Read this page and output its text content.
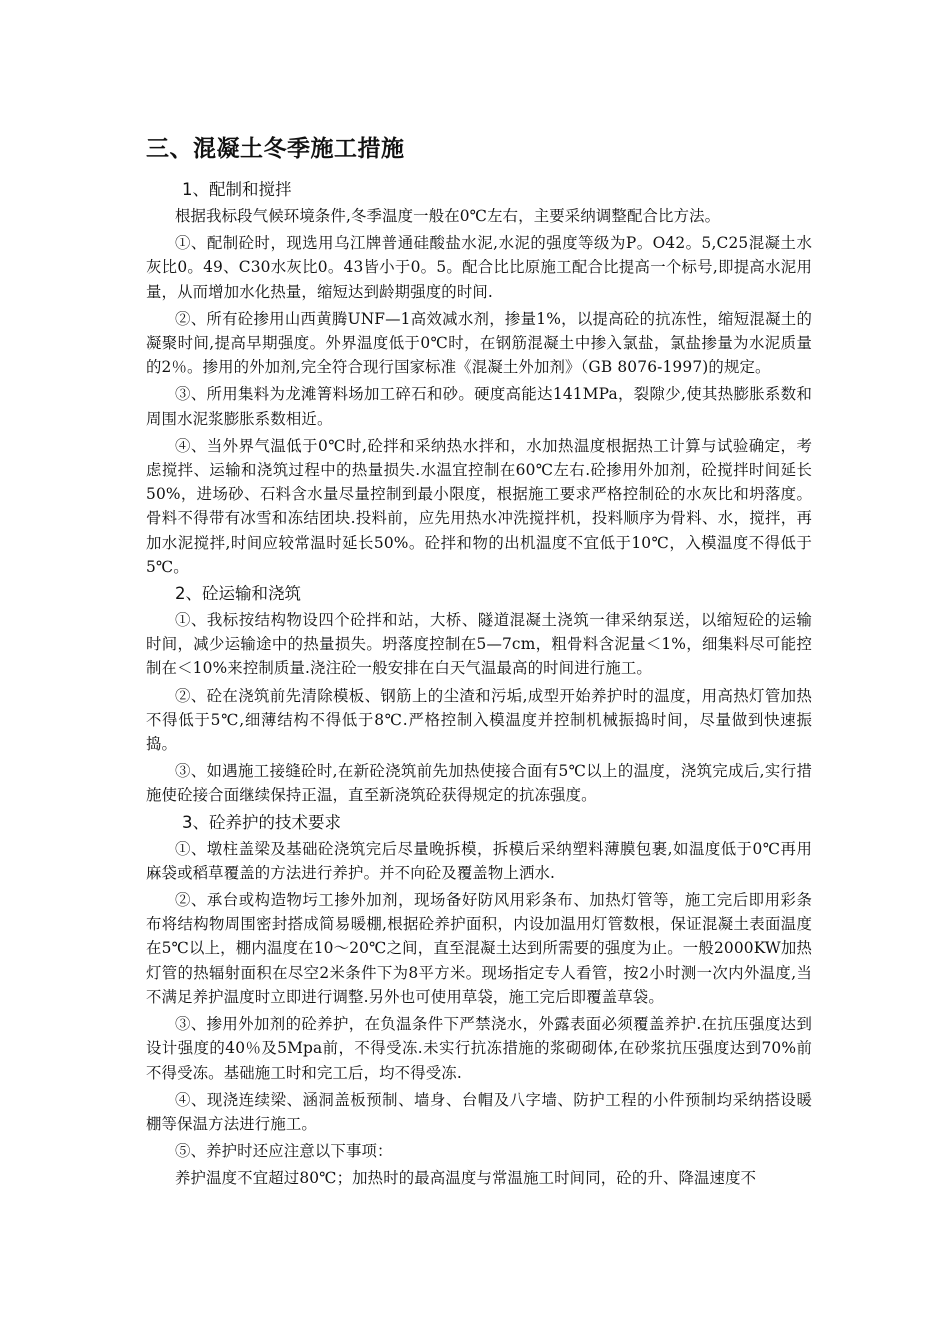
三、混凝土冬季施工措施
1、配制和搅拌
根据我标段气候环境条件,冬季温度一般在0℃左右，主要采纳调整配合比方法。
①、配制砼时，现选用乌江牌普通硅酸盐水泥,水泥的强度等级为P。O42。5,C25混凝土水灰比0。49、C30水灰比0。43皆小于0。5。配合比比原施工配合比提高一个标号,即提高水泥用量，从而增加水化热量，缩短达到龄期强度的时间.
②、所有砼掺用山西黄腾UNF—1高效减水剂，掺量1%，以提高砼的抗冻性，缩短混凝土的凝聚时间,提高早期强度。外界温度低于0℃时，在钢筋混凝土中掺入氯盐，氯盐掺量为水泥质量的2％。掺用的外加剂,完全符合现行国家标准《混凝土外加剂》（GB 8076-1997)的规定。
③、所用集料为龙滩箐料场加工碎石和砂。硬度高能达141MPa，裂隙少,使其热膨胀系数和周围水泥浆膨胀系数相近。
④、当外界气温低于0℃时,砼拌和采纳热水拌和，水加热温度根据热工计算与试验确定，考虑搅拌、运输和浇筑过程中的热量损失.水温宜控制在60℃左右.砼掺用外加剂，砼搅拌时间延长50%，进场砂、石料含水量尽量控制到最小限度，根据施工要求严格控制砼的水灰比和坍落度。骨料不得带有冰雪和冻结团块.投料前，应先用热水冲洗搅拌机，投料顺序为骨料、水，搅拌，再加水泥搅拌,时间应较常温时延长50%。砼拌和物的出机温度不宜低于10℃，入模温度不得低于5℃。
2、砼运输和浇筑
①、我标按结构物设四个砼拌和站，大桥、隧道混凝土浇筑一律采纳泵送，以缩短砼的运输时间，减少运输途中的热量损失。坍落度控制在5—7cm，粗骨料含泥量＜1%，细集料尽可能控制在＜10%来控制质量.浇注砼一般安排在白天气温最高的时间进行施工。
②、砼在浇筑前先清除模板、钢筋上的尘渣和污垢,成型开始养护时的温度，用高热灯管加热不得低于5℃,细薄结构不得低于8℃.严格控制入模温度并控制机械振捣时间，尽量做到快速振捣。
③、如遇施工接缝砼时,在新砼浇筑前先加热使接合面有5℃以上的温度，浇筑完成后,实行措施使砼接合面继续保持正温，直至新浇筑砼获得规定的抗冻强度。
3、砼养护的技术要求
①、墩柱盖梁及基础砼浇筑完后尽量晚拆模，拆模后采纳塑料薄膜包裹,如温度低于0℃再用麻袋或稻草覆盖的方法进行养护。并不向砼及覆盖物上洒水.
②、承台或构造物圬工掺外加剂，现场备好防风用彩条布、加热灯管等，施工完后即用彩条布将结构物周围密封搭成简易暖棚,根据砼养护面积，内设加温用灯管数根，保证混凝土表面温度在5℃以上，棚内温度在10～20℃之间，直至混凝土达到所需要的强度为止。一般2000KW加热灯管的热辐射面积在尽空2米条件下为8平方米。现场指定专人看管，按2小时测一次内外温度,当不满足养护温度时立即进行调整.另外也可使用草袋，施工完后即覆盖草袋。
③、掺用外加剂的砼养护，在负温条件下严禁浇水，外露表面必须覆盖养护.在抗压强度达到设计强度的40％及5Mpa前，不得受冻.未实行抗冻措施的浆砌砌体,在砂浆抗压强度达到70%前不得受冻。基础施工时和完工后，均不得受冻.
④、现浇连续梁、涵洞盖板预制、墙身、台帽及八字墙、防护工程的小件预制均采纳搭设暖棚等保温方法进行施工。
⑤、养护时还应注意以下事项：
养护温度不宜超过80℃；加热时的最高温度与常温施工时间同，砼的升、降温速度不
